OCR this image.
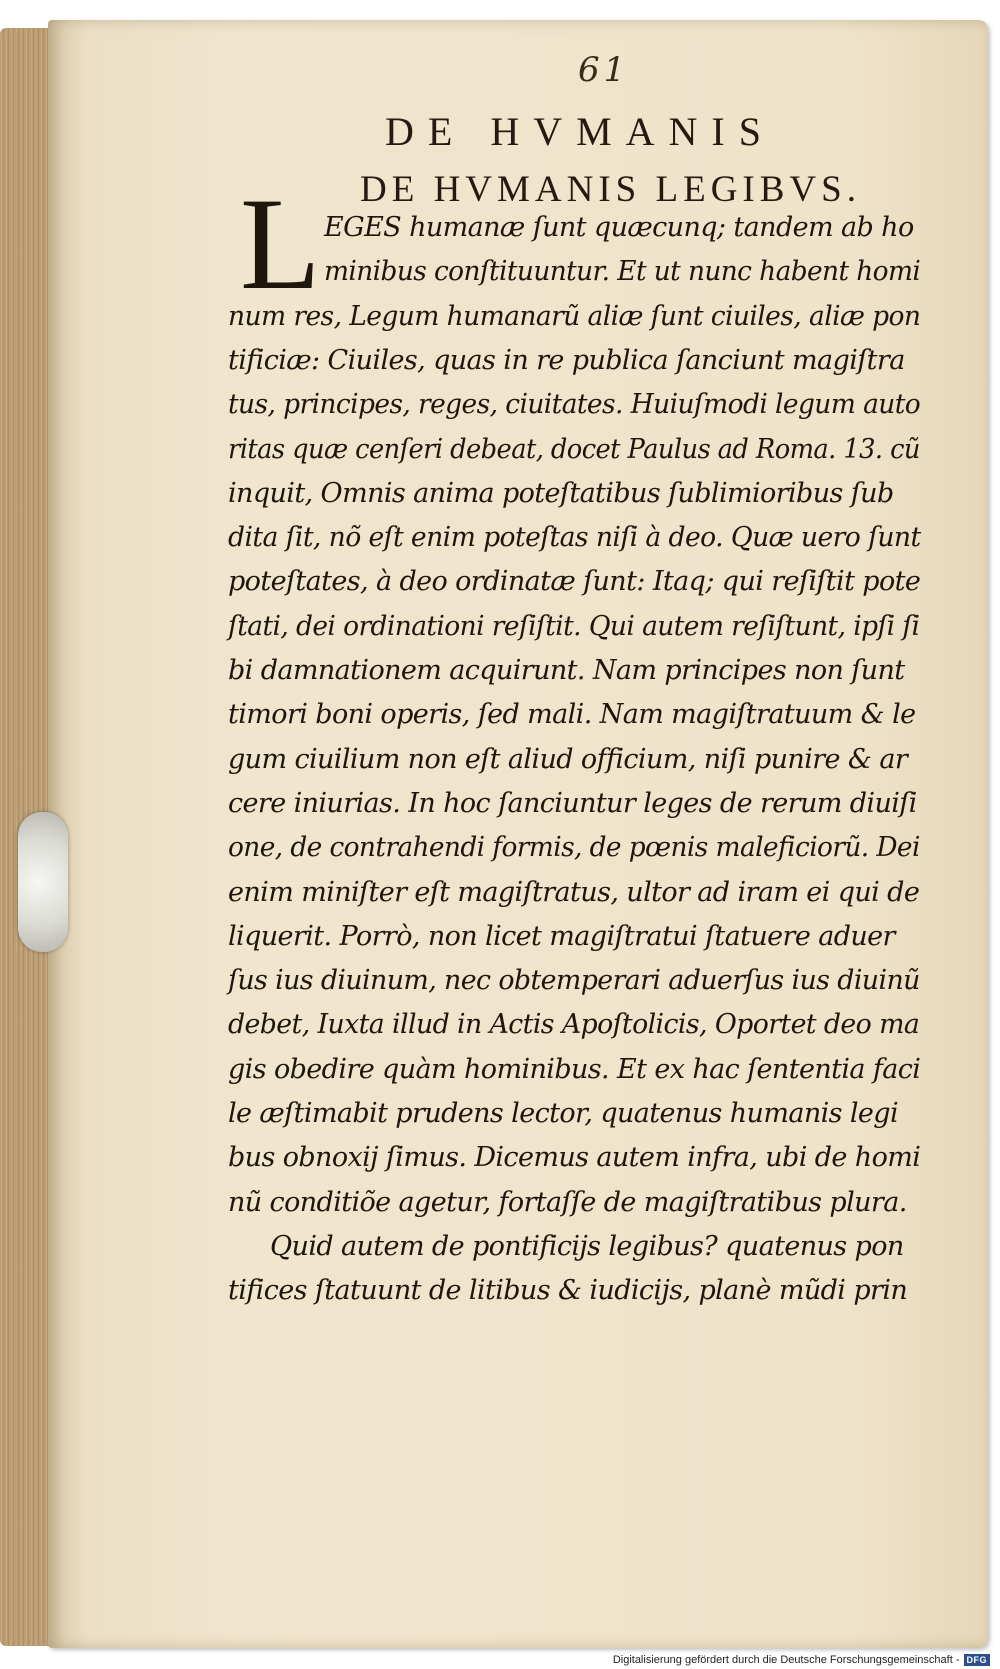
61
DE HVMANIS
DE HVMANIS LEGIBVS.
L EGES humanæ ſunt quæcunq; tandem ab ho
minibus conſtituuntur. Et ut nunc habent homi
num res, Legum humanarũ aliæ ſunt ciuiles, aliæ pon
tificiæ: Ciuiles, quas in re publica ſanciunt magiſtra
tus, principes, reges, ciuitates. Huiuſmodi legum auto
ritas quæ cenſeri debeat, docet Paulus ad Roma. 13. cũ
inquit, Omnis anima poteſtatibus ſublimioribus ſub
dita ſit, nõ eſt enim poteſtas niſi à deo. Quæ uero ſunt
poteſtates, à deo ordinatæ ſunt: Itaq; qui reſiſtit pote
ſtati, dei ordinationi reſiſtit. Qui autem reſiſtunt, ipſi ſi
bi damnationem acquirunt. Nam principes non ſunt
timori boni operis, ſed mali. Nam magiſtratuum & le
gum ciuilium non eſt aliud officium, niſi punire & ar
cere iniurias. In hoc ſanciuntur leges de rerum diuiſi
one, de contrahendi formis, de pœnis maleficiorũ. Dei
enim miniſter eſt magiſtratus, ultor ad iram ei qui de
liquerit. Porrò, non licet magiſtratui ſtatuere aduer
ſus ius diuinum, nec obtemperari aduerſus ius diuinũ
debet, Iuxta illud in Actis Apoſtolicis, Oportet deo ma
gis obedire quàm hominibus. Et ex hac ſententia faci
le æſtimabit prudens lector, quatenus humanis legi
bus obnoxij ſimus. Dicemus autem infra, ubi de homi
nũ conditiõe agetur, fortaſſe de magiſtratibus plura.
Quid autem de pontificijs legibus? quatenus pon
tifices ſtatuunt de litibus & iudicijs, planè mũdi prin
Digitalisierung gefördert durch die Deutsche Forschungsgemeinschaft - DFG
